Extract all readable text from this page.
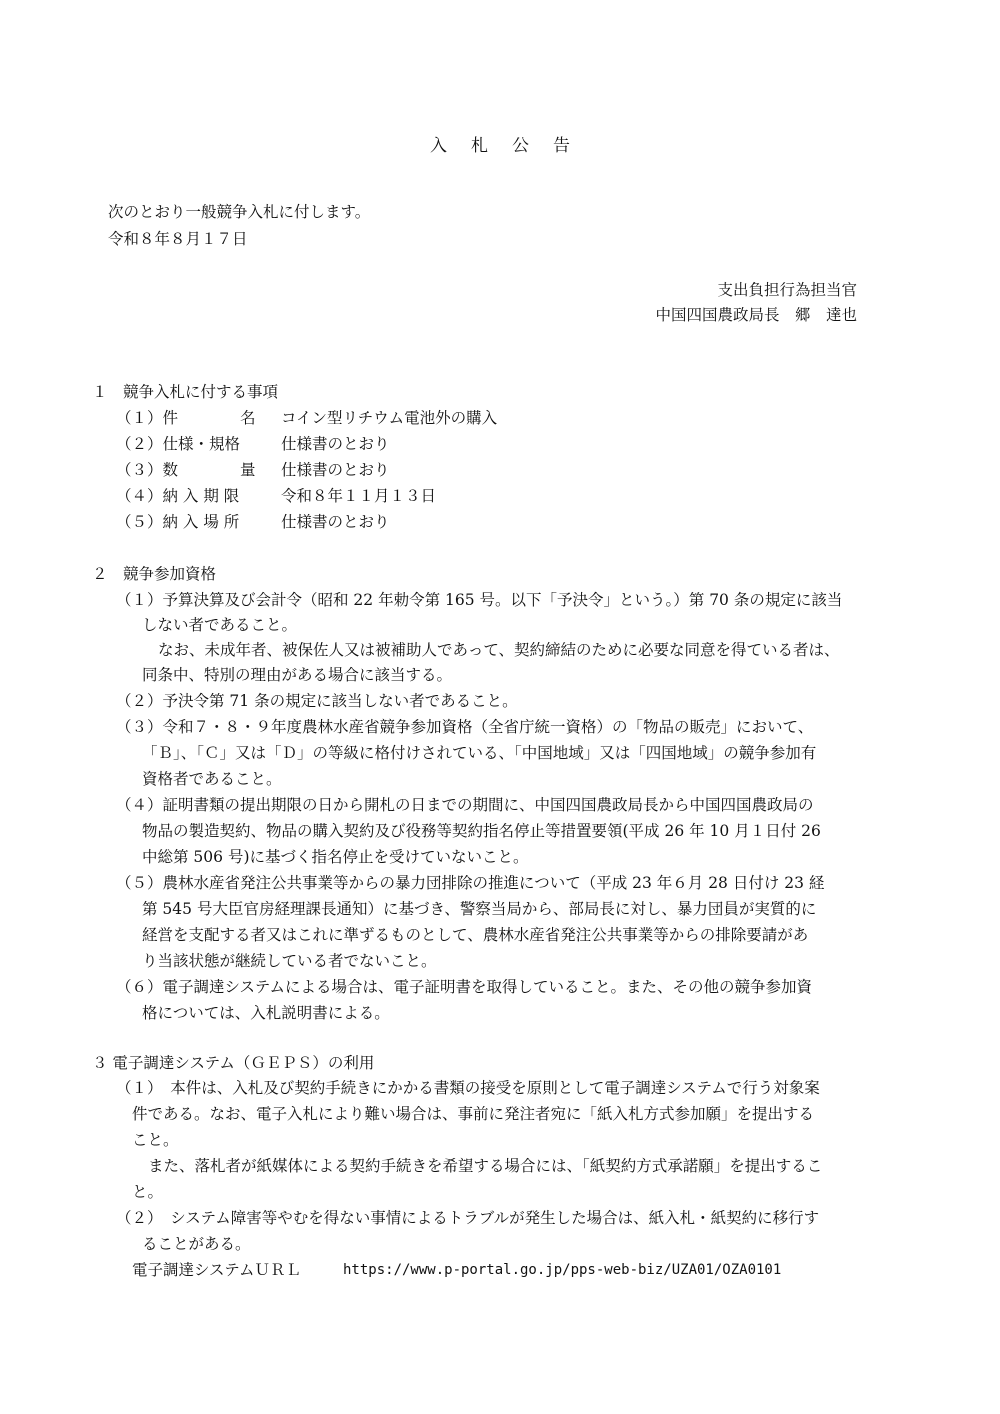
入札公告
次のとおり一般競争入札に付します。
令和８年８月１７日
支出負担行為担当官
中国四国農政局長　郷　達也
１　競争入札に付する事項
（１）件　　　　名 コイン型リチウム電池外の購入
（２）仕様・規格	仕様書のとおり
（３）数　　　　量 仕様書のとおり
（４）納 入 期 限	令和８年１１月１３日
（５）納 入 場 所	仕様書のとおり
２　競争参加資格
（１）予算決算及び会計令（昭和 22 年勅令第 165 号。以下「予決令」という。）第 70 条の規定に該当
しない者であること。
なお、未成年者、被保佐人又は被補助人であって、契約締結のために必要な同意を得ている者は、
同条中、特別の理由がある場合に該当する。
（２）予決令第 71 条の規定に該当しない者であること。
（３）令和７・８・９年度農林水産省競争参加資格（全省庁統一資格）の「物品の販売」において、
「Ｂ」、「Ｃ」又は「Ｄ」の等級に格付けされている、「中国地域」又は「四国地域」の競争参加有
資格者であること。
（４）証明書類の提出期限の日から開札の日までの期間に、中国四国農政局長から中国四国農政局の
物品の製造契約、物品の購入契約及び役務等契約指名停止等措置要領(平成 26 年 10 月１日付 26
中総第 506 号)に基づく指名停止を受けていないこと。
（５）農林水産省発注公共事業等からの暴力団排除の推進について（平成 23 年６月 28 日付け 23 経
第 545 号大臣官房経理課長通知）に基づき、警察当局から、部局長に対し、暴力団員が実質的に
経営を支配する者又はこれに準ずるものとして、農林水産省発注公共事業等からの排除要請があ
り当該状態が継続している者でないこと。
（６）電子調達システムによる場合は、電子証明書を取得していること。また、その他の競争参加資
格については、入札説明書による。
３ 電子調達システム（ＧＥＰＳ）の利用
（１）　本件は、入札及び契約手続きにかかる書類の接受を原則として電子調達システムで行う対象案
件である。なお、電子入札により難い場合は、事前に発注者宛に「紙入札方式参加願」を提出する
こと。
また、落札者が紙媒体による契約手続きを希望する場合には、「紙契約方式承諾願」を提出するこ
と。
（２）　システム障害等やむを得ない事情によるトラブルが発生した場合は、紙入札・紙契約に移行す
ることがある。
電子調達システムＵＲＬ	https://www.p-portal.go.jp/pps-web-biz/UZA01/OZA0101
